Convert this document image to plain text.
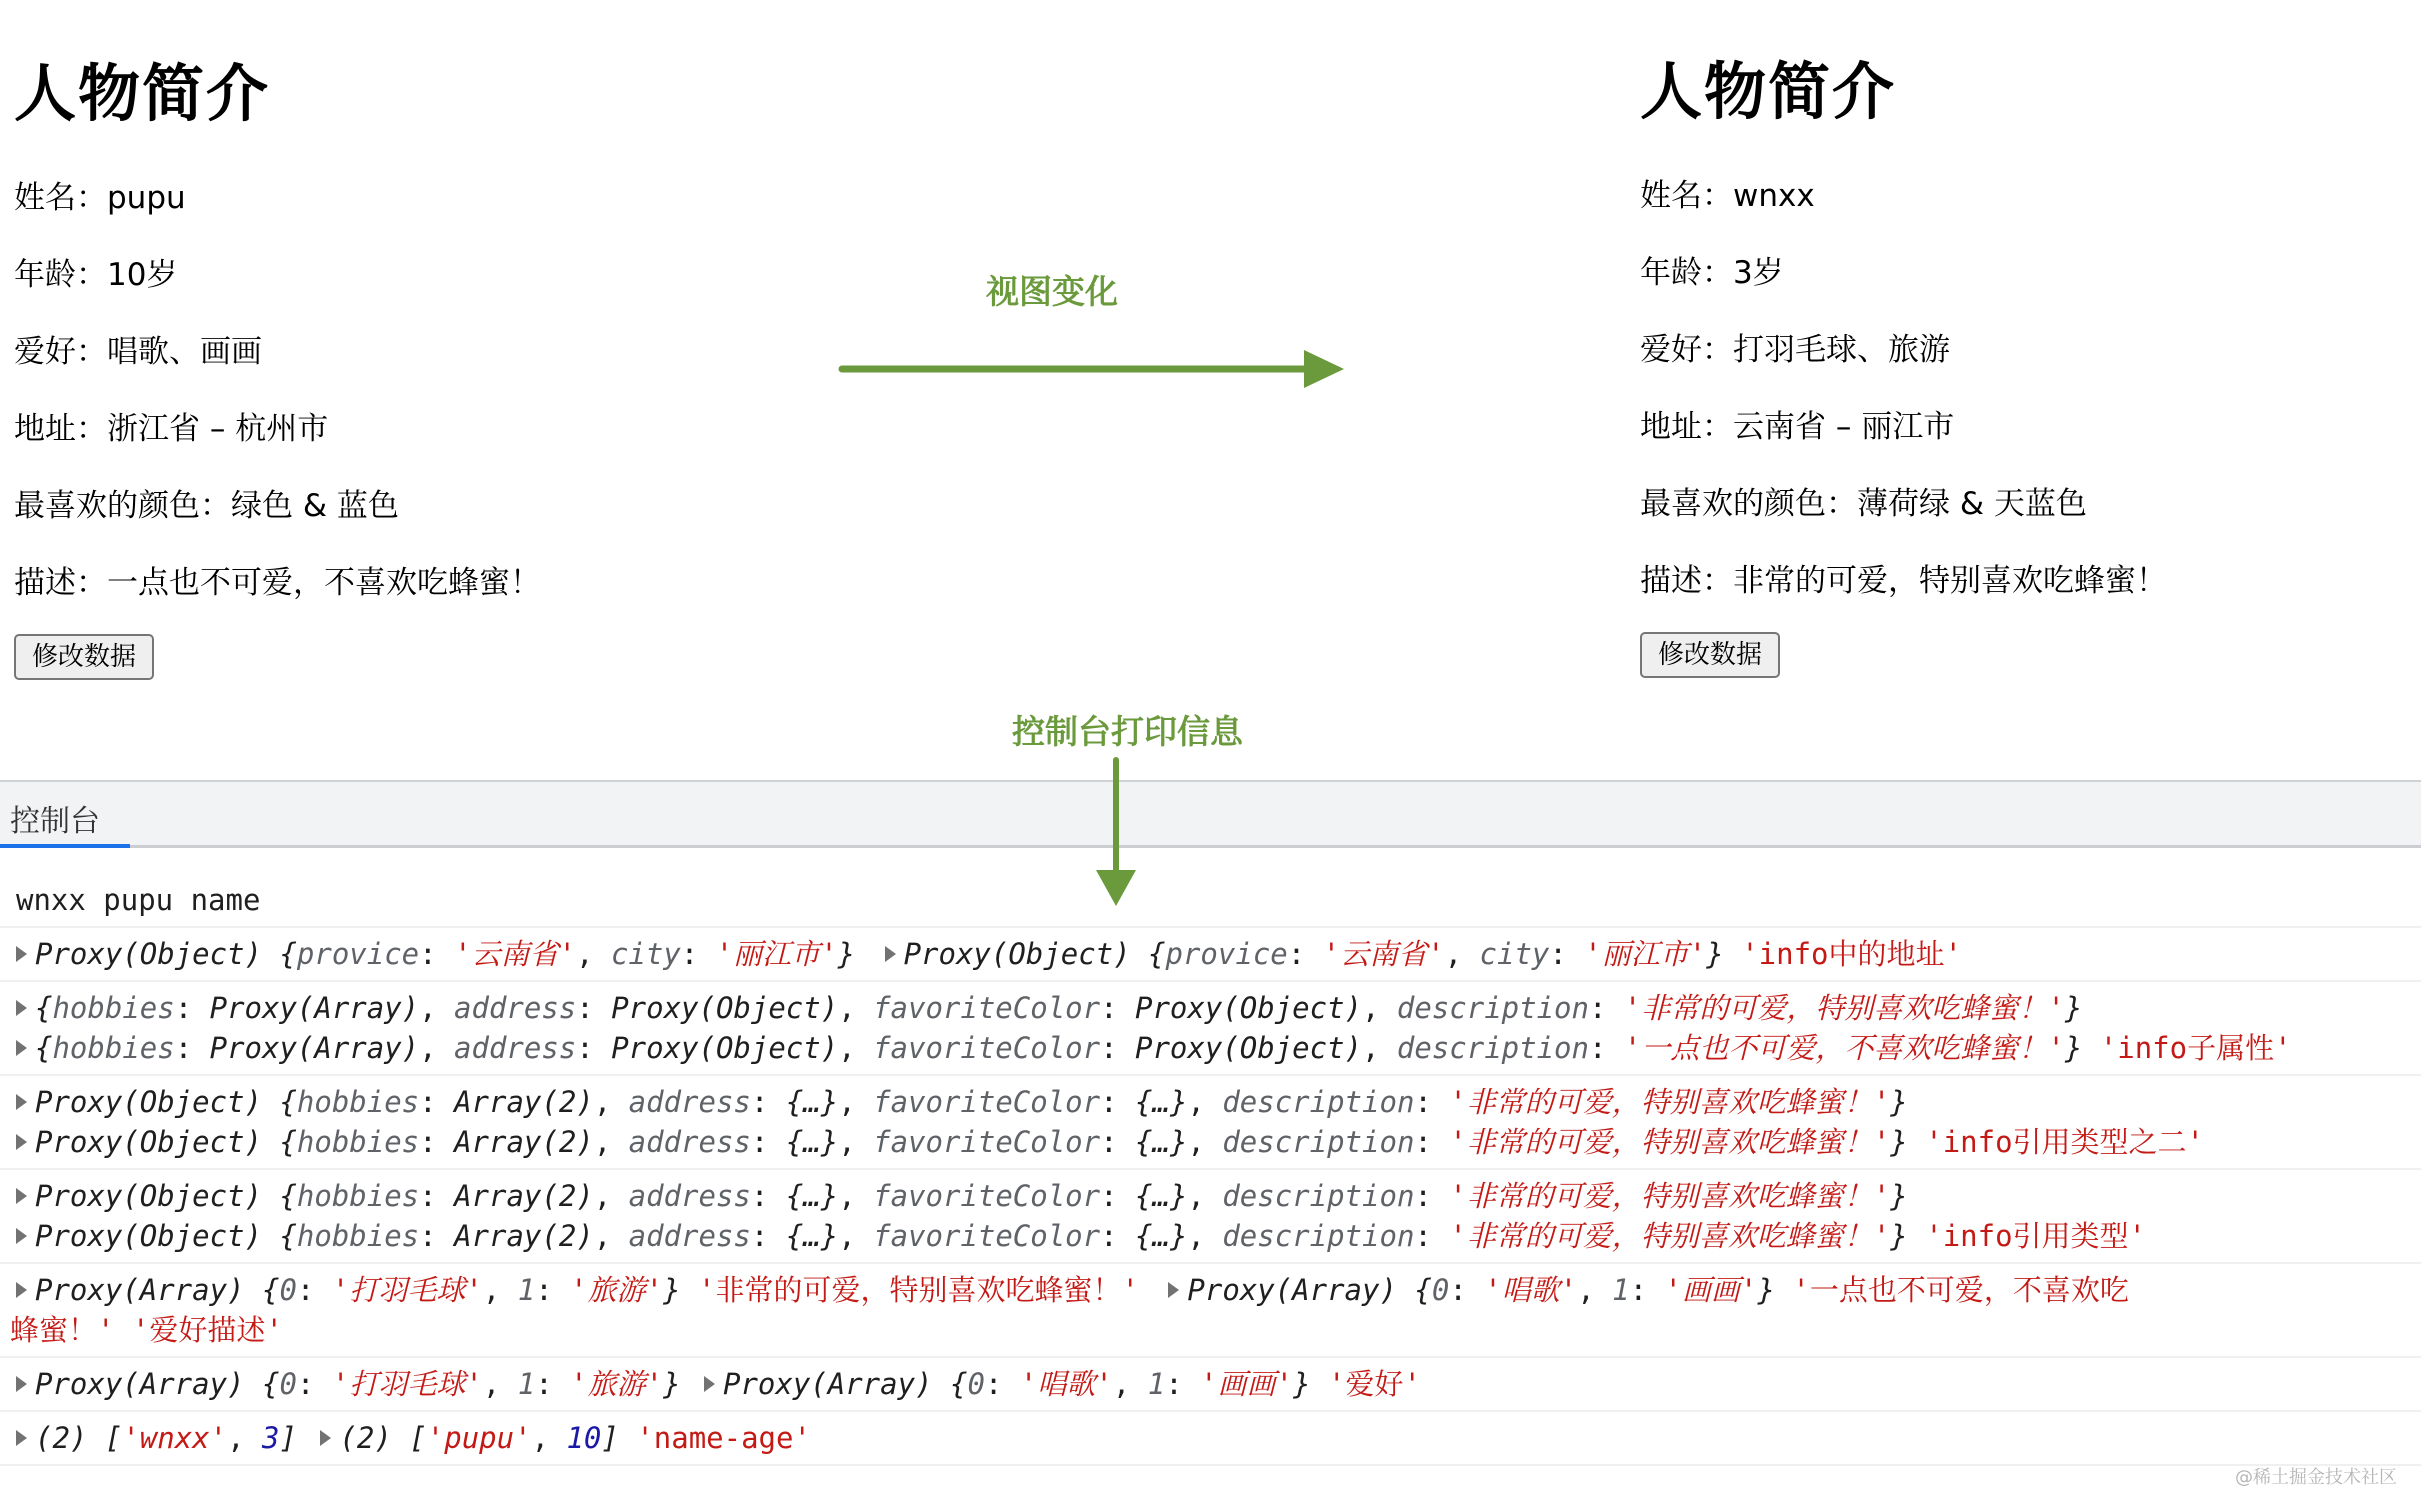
人物简介
姓名：pupu
年龄：10岁
爱好：唱歌、画画
地址：浙江省 – 杭州市
最喜欢的颜色：绿色 & 蓝色
描述：一点也不可爱，不喜欢吃蜂蜜！
修改数据
人物简介
姓名：wnxx
年龄：3岁
爱好：打羽毛球、旅游
地址：云南省 – 丽江市
最喜欢的颜色：薄荷绿 & 天蓝色
描述：非常的可爱，特别喜欢吃蜂蜜！
修改数据
视图变化
控制台打印信息
控制台
wnxx pupu name
Proxy(Object) {provice: '云南省', city: '丽江市'} Proxy(Object) {provice: '云南省', city: '丽江市'} 'info中的地址'
{hobbies: Proxy(Array), address: Proxy(Object), favoriteColor: Proxy(Object), description: '非常的可爱，特别喜欢吃蜂蜜！'}
{hobbies: Proxy(Array), address: Proxy(Object), favoriteColor: Proxy(Object), description: '一点也不可爱，不喜欢吃蜂蜜！'} 'info子属性'
Proxy(Object) {hobbies: Array(2), address: {…}, favoriteColor: {…}, description: '非常的可爱，特别喜欢吃蜂蜜！'}
Proxy(Object) {hobbies: Array(2), address: {…}, favoriteColor: {…}, description: '非常的可爱，特别喜欢吃蜂蜜！'} 'info引用类型之二'
Proxy(Object) {hobbies: Array(2), address: {…}, favoriteColor: {…}, description: '非常的可爱，特别喜欢吃蜂蜜！'}
Proxy(Object) {hobbies: Array(2), address: {…}, favoriteColor: {…}, description: '非常的可爱，特别喜欢吃蜂蜜！'} 'info引用类型'
Proxy(Array) {0: '打羽毛球', 1: '旅游'} '非常的可爱，特别喜欢吃蜂蜜！' Proxy(Array) {0: '唱歌', 1: '画画'} '一点也不可爱，不喜欢吃
蜂蜜！' '爱好描述'
Proxy(Array) {0: '打羽毛球', 1: '旅游'} Proxy(Array) {0: '唱歌', 1: '画画'} '爱好'
(2) ['wnxx', 3] (2) ['pupu', 10] 'name-age'
@稀土掘金技术社区
